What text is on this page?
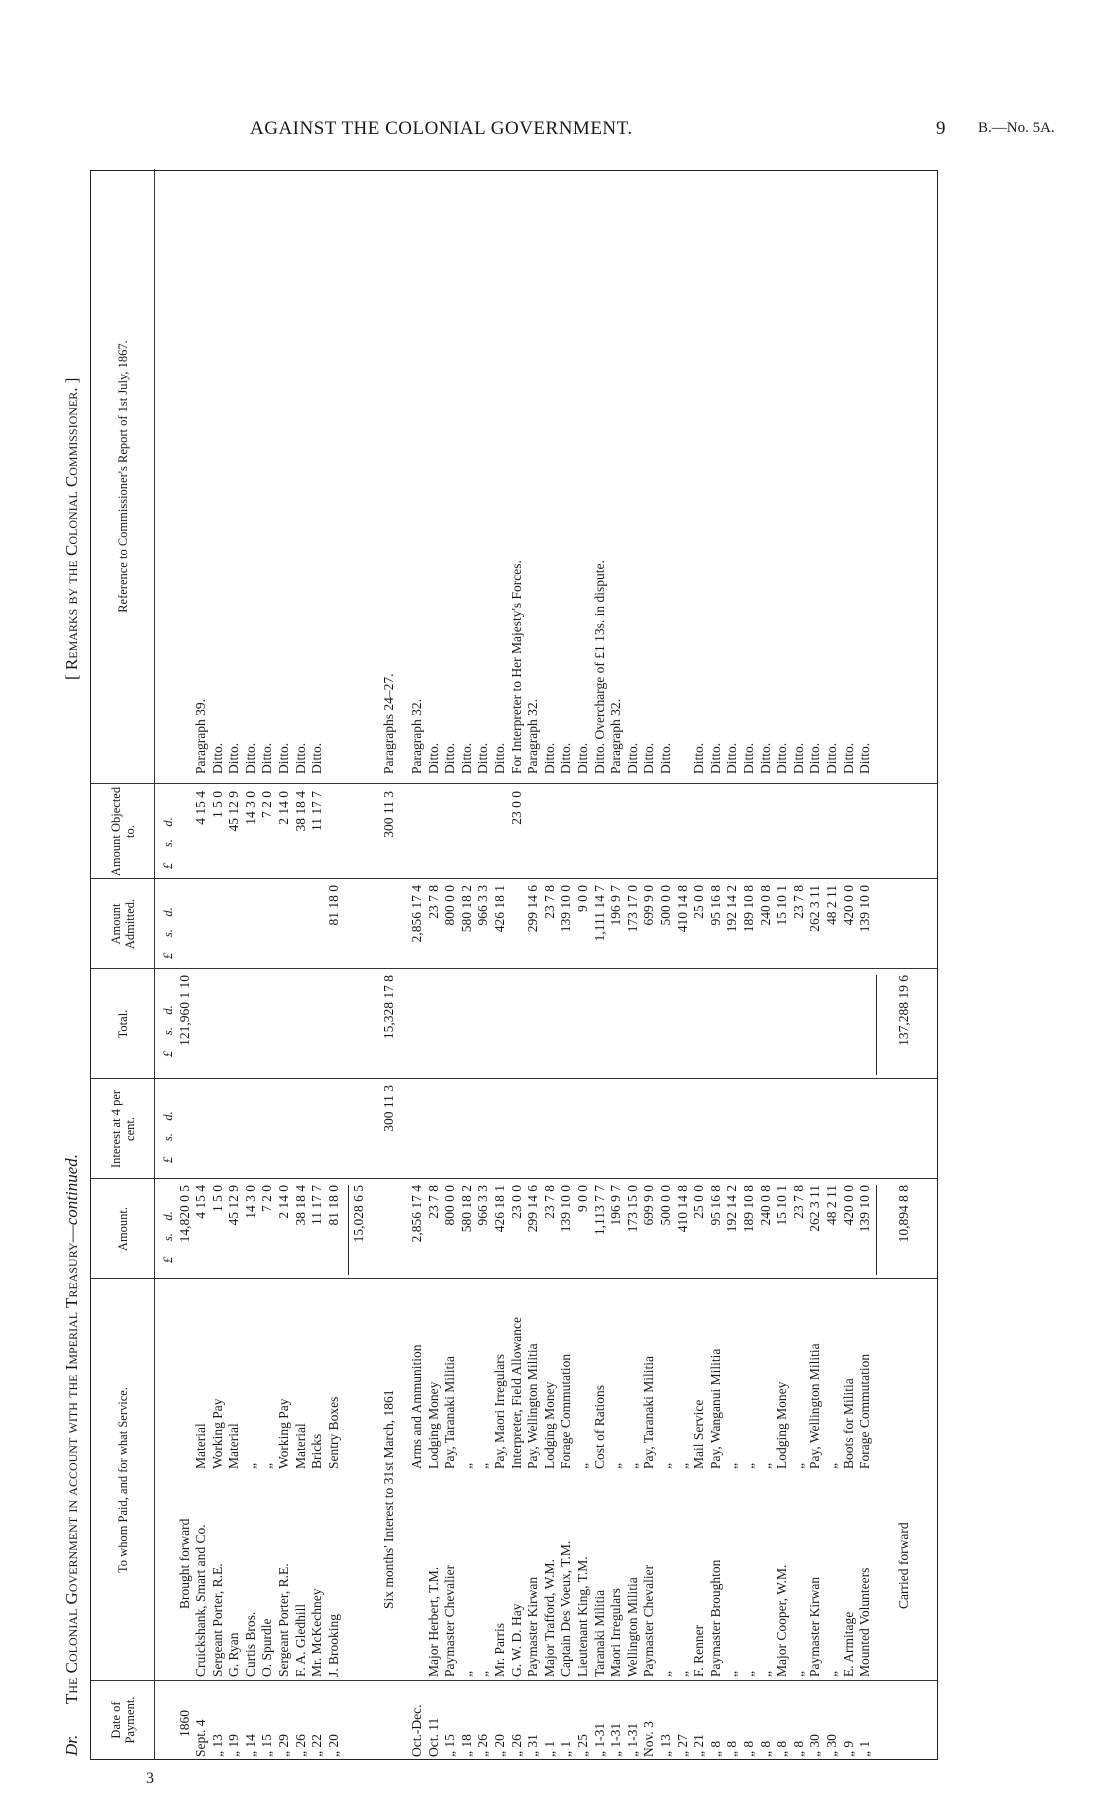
AGAINST THE COLONIAL GOVERNMENT.	9 B.—No. 5A.
3
Dr.
The Colonial Government in account with the Imperial Treasury—continued.
[ Remarks by the Colonial Commissioner. ]
Date of Payment.
To whom Paid, and for what Service.
Amount.
Interest at 4 per cent.
Total.
Amount Admitted.
Amount Objected to.
Reference to Commissioner's Report of 1st July, 1867.
£     s.    d.
£     s.    d.
£     s.    d.
£     s.    d.
£     s.    d.
1860
Brought forward
14,820 0 5
121,960 1 10
Sept. 4
Cruickshank, Smart and Co.
Material
4 15 4
4 15 4
Paragraph 39.
„ 13
Sergeant Porter, R.E.
Working Pay
1 5 0
1 5 0
Ditto.
„ 19
G. Ryan
Material
45 12 9
45 12 9
Ditto.
„ 14
Curtis Bros.
„
14 3 0
14 3 0
Ditto.
„ 15
O. Spurdle
„
7 2 0
7 2 0
Ditto.
„ 29
Sergeant Porter, R.E.
Working Pay
2 14 0
2 14 0
Ditto.
„ 26
F. A. Gledhill
Material
38 18 4
38 18 4
Ditto.
„ 22
Mr. McKechney
Bricks
11 17 7
11 17 7
Ditto.
„ 20
J. Brooking
Sentry Boxes
81 18 0
81 18 0
15,028 6 5
Six months' Interest to 31st March, 1861
300 11 3
15,328 17 8
300 11 3
Paragraphs 24–27.
Oct.-Dec.
Arms and Ammunition
2,856 17 4
2,856 17 4
Paragraph 32.
Oct. 11
Major Herbert, T.M.
Lodging Money
23 7 8
23 7 8
Ditto.
„ 15
Paymaster Chevalier
Pay, Taranaki Militia
800 0 0
800 0 0
Ditto.
„ 18
„
„
580 18 2
580 18 2
Ditto.
„ 26
„
„
966 3 3
966 3 3
Ditto.
„ 20
Mr. Parris
Pay, Maori Irregulars
426 18 1
426 18 1
Ditto.
„ 26
G. W. D. Hay
Interpreter, Field Allowance
23 0 0
23 0 0
For Interpreter to Her Majesty's Forces.
„ 31
Paymaster Kirwan
Pay, Wellington Militia
299 14 6
299 14 6
Paragraph 32.
„ 1
Major Trafford, W.M.
Lodging Money
23 7 8
23 7 8
Ditto.
„ 1
Captain Des Voeux, T.M.
Forage Commutation
139 10 0
139 10 0
Ditto.
„ 25
Lieutenant King, T.M.
„
9 0 0
9 0 0
Ditto.
„ 1-31
Taranaki Militia
Cost of Rations
1,113 7 7
1,111 14 7
Ditto. Overcharge of £1 13s. in dispute.
„ 1-31
Maori Irregulars
„
196 9 7
196 9 7
Paragraph 32.
„ 1-31
Wellington Militia
„
173 15 0
173 17 0
Ditto.
Nov. 3
Paymaster Chevalier
Pay, Taranaki Militia
699 9 0
699 9 0
Ditto.
„ 13
„
„
500 0 0
500 0 0
Ditto.
„ 27
„
„
410 14 8
410 14 8
„ 21
F. Renner
Mail Service
25 0 0
25 0 0
Ditto.
„ 8
Paymaster Broughton
Pay, Wanganui Militia
95 16 8
95 16 8
Ditto.
„ 8
„
„
192 14 2
192 14 2
Ditto.
„ 8
„
„
189 10 8
189 10 8
Ditto.
„ 8
„
„
240 0 8
240 0 8
Ditto.
„ 8
Major Cooper, W.M.
Lodging Money
15 10 1
15 10 1
Ditto.
„ 8
„
„
23 7 8
23 7 8
Ditto.
„ 30
Paymaster Kirwan
Pay, Wellington Militia
262 3 11
262 3 11
Ditto.
„ 30
„
„
48 2 11
48 2 11
Ditto.
„ 9
E. Armitage
Boots for Militia
420 0 0
420 0 0
Ditto.
„ 1
Mounted Volunteers
Forage Commutation
139 10 0
139 10 0
Ditto.
Carried forward
10,894 8 8
137,288 19 6
